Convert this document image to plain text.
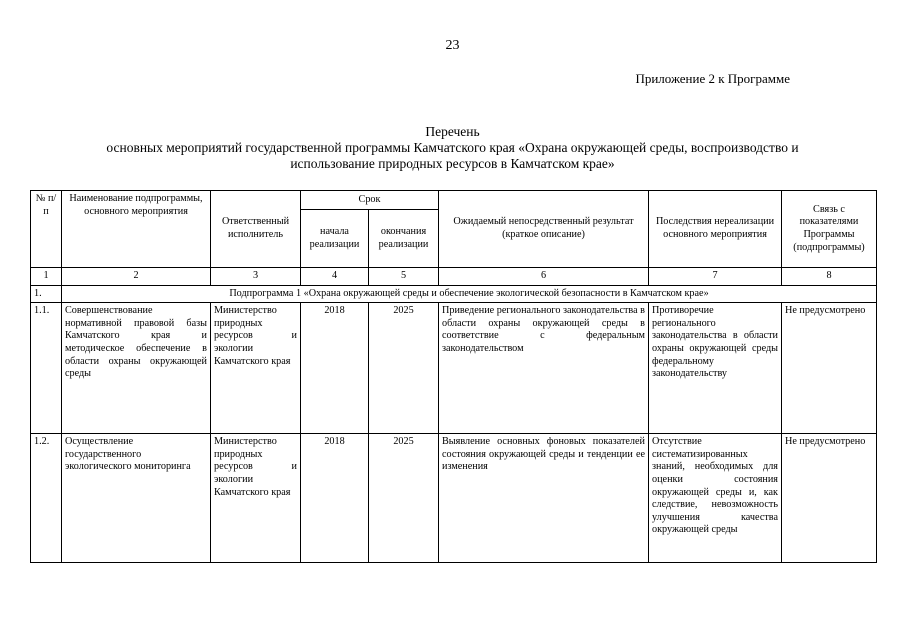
23
Приложение 2 к Программе
Перечень
основных мероприятий государственной программы Камчатского края «Охрана окружающей среды, воспроизводство и
использование природных ресурсов в Камчатском крае»
№ п/п	Наименование подпрограммы, основного мероприятия	Ответственный исполнитель	Срок		Ожидаемый непосредственный результат (краткое описание)	Последствия нереализации основного мероприятия	Связь с показателями Программы (подпрограммы)
			начала реализации	окончания реализации			
1	2	3	4	5	6	7	8
1.	Подпрограмма 1 «Охрана окружающей среды и обеспечение экологической безопасности в Камчатском крае»						
1.1.	Совершенствование нормативной правовой базы Камчатского края и методическое обеспечение в области охраны окружающей среды	Министерство природных ресурсов и экологии Камчатского края	2018	2025	Приведение регионального законодательства в области охраны окружающей среды в соответствие с федеральным законодательством	Противоречие регионального законодательства в области охраны окружающей среды федеральному законодательству	Не предусмотрено
1.2.	Осуществление государственного экологического мониторинга	Министерство природных ресурсов и экологии Камчатского края	2018	2025	Выявление основных фоновых показателей состояния окружающей среды и тенденции ее изменения	Отсутствие систематизированных знаний, необходимых для оценки состояния окружающей среды и, как следствие, невозможность улучшения качества окружающей среды	Не предусмотрено
